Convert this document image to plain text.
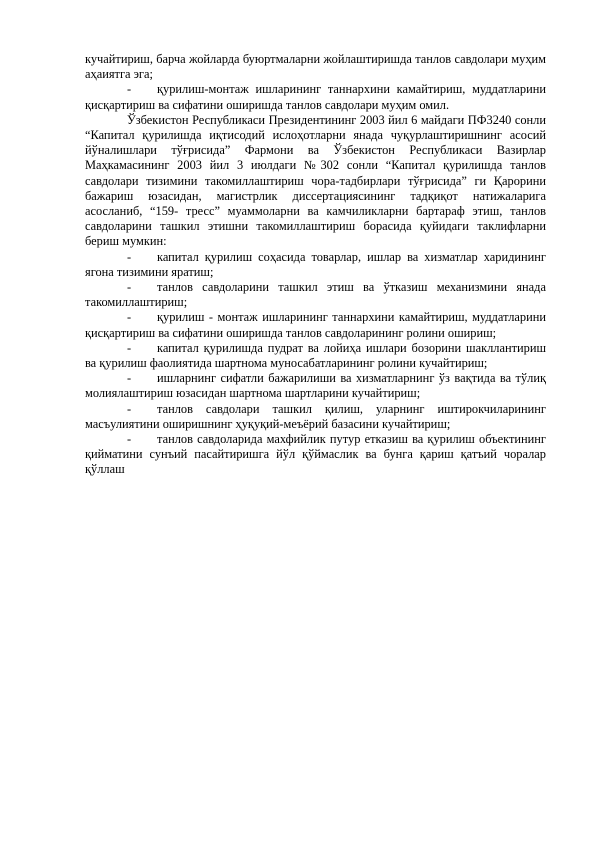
кучайтириш, барча жойларда буюртмаларни жойлаштиришда танлов савдолари муҳим аҳаиятга эга;

- қурилиш-монтаж ишларининг таннархини камайтириш, муддатларини қисқартириш ва сифатини оширишда танлов савдолари муҳим омил.

Ўзбекистон Республикаси Президентининг 2003 йил 6 майдаги ПФ3240 сонли “Капитал қурилишда иқтисодий ислоҳотларни янада чуқурлаштиришнинг асосий йўналишлари тўғрисида” Фармони ва Ўзбекистон Республикаси Вазирлар Маҳкамасининг 2003 йил 3 июлдаги №302 сонли “Капитал қурилишда танлов савдолари тизимини такомиллаштириш чора-тадбирлари тўғрисида” ги Қарорини бажариш юзасидан, магистрлик диссертациясининг тадқиқот натижаларига асосланиб, “159- тресс” муаммоларни ва камчиликларни бартараф этиш, танлов савдоларини ташкил этишни такомиллаштириш борасида қуйидаги таклифларни бериш мумкин:

- капитал қурилиш соҳасида товарлар, ишлар ва хизматлар харидининг ягона тизимини яратиш;

- танлов савдоларини ташкил этиш ва ўтказиш механизмини янада такомиллаштириш;

- қурилиш - монтаж ишларининг таннархини камайтириш, муддатларини қисқартириш ва сифатини оширишда танлов савдоларининг ролини ошириш;

- капитал қурилишда пудрат ва лойиҳа ишлари бозорини шакллантириш ва қурилиш фаолиятида шартнома муносабатларининг ролини кучайтириш;

- ишларнинг сифатли бажарилиши ва хизматларнинг ўз вақтида ва тўлиқ молиялаштириш юзасидан шартнома шартларини кучайтириш;

- танлов савдолари ташкил қилиш, уларнинг иштирокчиларининг масъулиятини оширишнинг ҳуқуқий-меъёрий базасини кучайтириш;

- танлов савдоларида махфийлик путур етказиш ва қурилиш объектининг қийматини сунъий пасайтиришга йўл қўймаслик ва бунга қариш қатъий чоралар қўллаш
